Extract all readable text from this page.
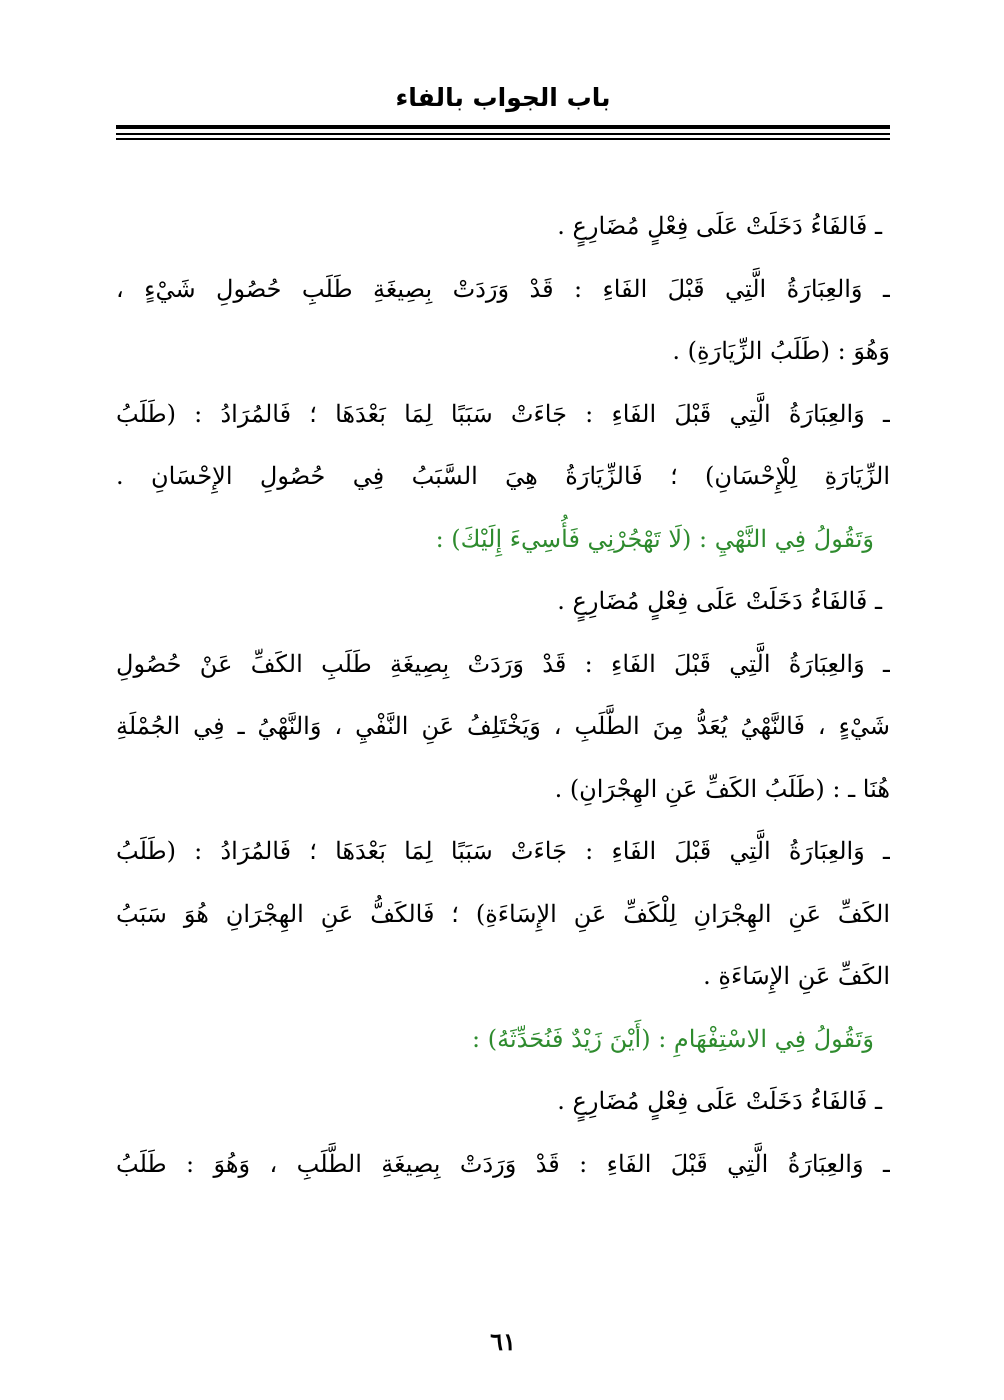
باب الجواب بالفاء
ـ فَالفَاءُ دَخَلَتْ عَلَى فِعْلٍ مُضَارِعٍ .
ـ وَالعِبَارَةُ الَّتِي قَبْلَ الفَاءِ : قَدْ وَرَدَتْ بِصِيغَةِ طَلَبِ حُصُولِ شَيْءٍ ،
وَهُوَ : (طَلَبُ الزِّيَارَةِ) .
ـ وَالعِبَارَةُ الَّتِي قَبْلَ الفَاءِ : جَاءَتْ سَبَبًا لِمَا بَعْدَهَا ؛ فَالمُرَادُ : (طَلَبُ
الزِّيَارَةِ لِلْإِحْسَانِ) ؛ فَالزِّيَارَةُ هِيَ السَّبَبُ فِي حُصُولِ الإِحْسَانِ .
وَتَقُولُ فِي النَّهْيِ : (لَا تَهْجُرْنِي فَأُسِيءَ إِلَيْكَ) :
ـ فَالفَاءُ دَخَلَتْ عَلَى فِعْلٍ مُضَارِعٍ .
ـ وَالعِبَارَةُ الَّتِي قَبْلَ الفَاءِ : قَدْ وَرَدَتْ بِصِيغَةِ طَلَبِ الكَفِّ عَنْ حُصُولِ
شَيْءٍ ، فَالنَّهْيُ يُعَدُّ مِنَ الطَّلَبِ ، وَيَخْتَلِفُ عَنِ النَّفْيِ ، وَالنَّهْيُ ـ فِي الجُمْلَةِ
هُنَا ـ : (طَلَبُ الكَفِّ عَنِ الهِجْرَانِ) .
ـ وَالعِبَارَةُ الَّتِي قَبْلَ الفَاءِ : جَاءَتْ سَبَبًا لِمَا بَعْدَهَا ؛ فَالمُرَادُ : (طَلَبُ
الكَفِّ عَنِ الهِجْرَانِ لِلْكَفِّ عَنِ الإِسَاءَةِ) ؛ فَالكَفُّ عَنِ الهِجْرَانِ هُوَ سَبَبُ
الكَفِّ عَنِ الإِسَاءَةِ .
وَتَقُولُ فِي الاسْتِفْهَامِ : (أَيْنَ زَيْدٌ فَنُحَدِّثَهُ) :
ـ فَالفَاءُ دَخَلَتْ عَلَى فِعْلٍ مُضَارِعٍ .
ـ وَالعِبَارَةُ الَّتِي قَبْلَ الفَاءِ : قَدْ وَرَدَتْ بِصِيغَةِ الطَّلَبِ ، وَهُوَ : طَلَبُ
٦١
